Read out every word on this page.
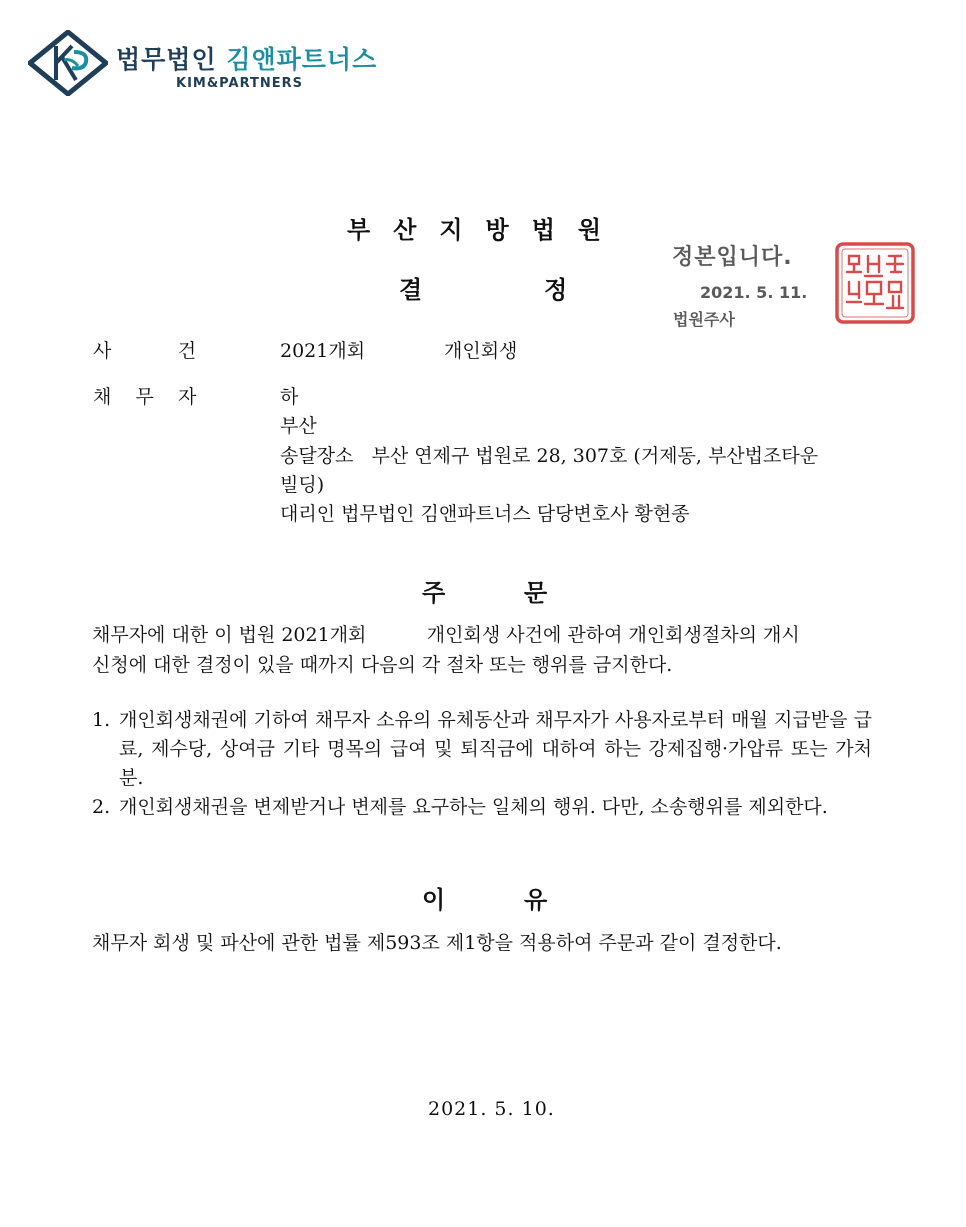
법무법인 김앤파트너스
KIM&PARTNERS
부산지방법원
결	정
정본입니다.
2021. 5. 11.
법원주사
사           건	2021개회	개인회생
채    무    자	하
부산
송달장소   부산 연제구 법원로 28, 307호 (거제동, 부산법조타운
빌딩)
대리인 법무법인 김앤파트너스 담당변호사 황현종
주	문
채무자에 대한 이 법원 2021개회          개인회생 사건에 관하여 개인회생절차의 개시
신청에 대한 결정이 있을 때까지 다음의 각 절차 또는 행위를 금지한다.
1. 개인회생채권에 기하여 채무자 소유의 유체동산과 채무자가 사용자로부터 매월 지급받을 급료, 제수당, 상여금 기타 명목의 급여 및 퇴직금에 대하여 하는 강제집행·가압류 또는 가처분.
2. 개인회생채권을 변제받거나 변제를 요구하는 일체의 행위. 다만, 소송행위를 제외한다.
이	유
채무자 회생 및 파산에 관한 법률 제593조 제1항을 적용하여 주문과 같이 결정한다.
2021. 5. 10.
